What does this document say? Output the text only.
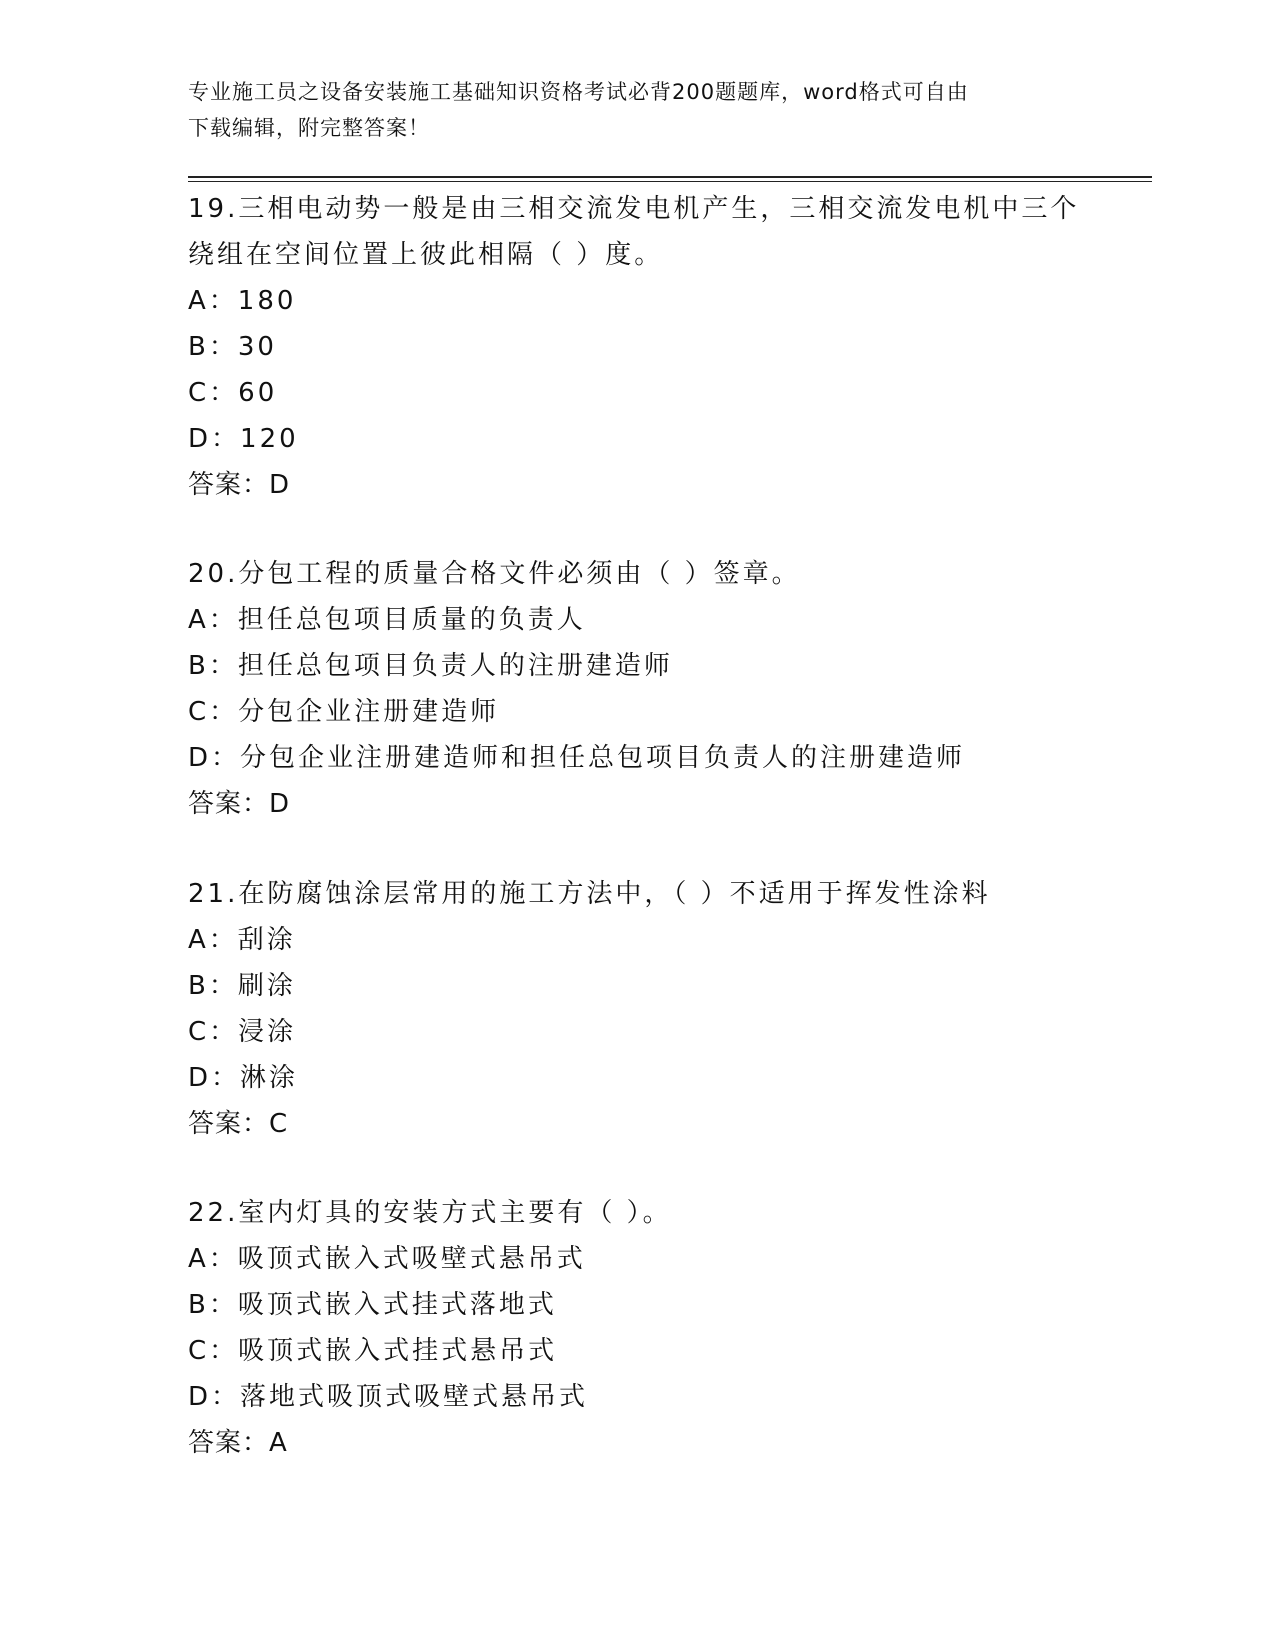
专业施工员之设备安装施工基础知识资格考试必背200题题库，word格式可自由
下载编辑，附完整答案！
19.三相电动势一般是由三相交流发电机产生，三相交流发电机中三个
绕组在空间位置上彼此相隔（ ）度。
A：180
B：30
C：60
D：120
答案：D
20.分包工程的质量合格文件必须由（ ）签章。
A：担任总包项目质量的负责人
B：担任总包项目负责人的注册建造师
C：分包企业注册建造师
D：分包企业注册建造师和担任总包项目负责人的注册建造师
答案：D
21.在防腐蚀涂层常用的施工方法中，（ ）不适用于挥发性涂料
A：刮涂
B：刷涂
C：浸涂
D：淋涂
答案：C
22.室内灯具的安装方式主要有（ ）。
A：吸顶式嵌入式吸壁式悬吊式
B：吸顶式嵌入式挂式落地式
C：吸顶式嵌入式挂式悬吊式
D：落地式吸顶式吸壁式悬吊式
答案：A
